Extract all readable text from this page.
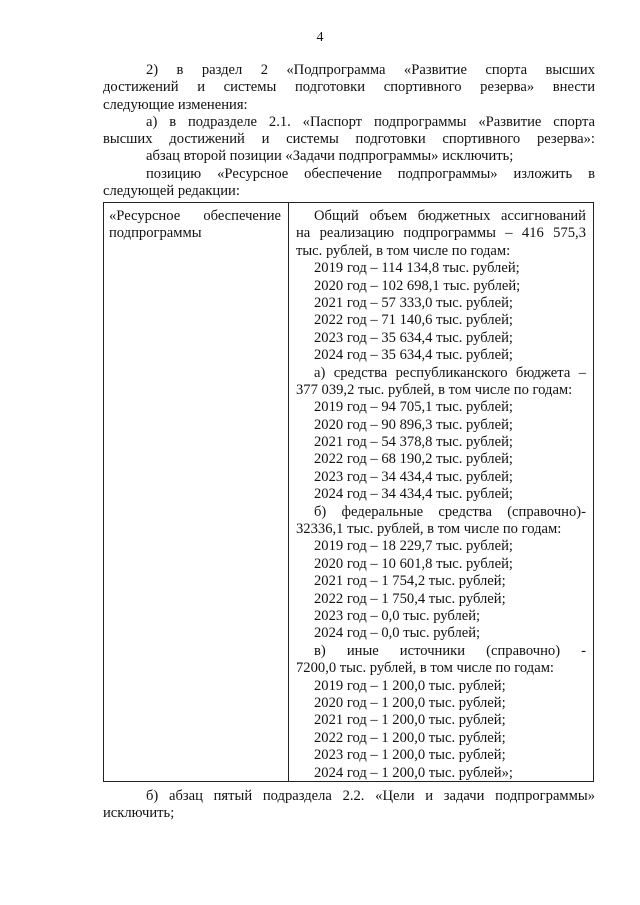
4
2) в раздел 2 «Подпрограмма «Развитие спорта высших
достижений и системы подготовки спортивного резерва» внести
следующие изменения:
а) в подразделе 2.1. «Паспорт подпрограммы «Развитие спорта
высших достижений и системы подготовки спортивного резерва»:
абзац второй позиции «Задачи подпрограммы» исключить;
позицию «Ресурсное обеспечение подпрограммы» изложить в
следующей редакции:
«Ресурсное обеспечение
подпрограммы
Общий объем бюджетных ассигнований
на реализацию подпрограммы – 416 575,3
тыс. рублей, в том числе по годам:
2019 год – 114 134,8 тыс. рублей;
2020 год – 102 698,1 тыс. рублей;
2021 год – 57 333,0 тыс. рублей;
2022 год – 71 140,6 тыс. рублей;
2023 год – 35 634,4 тыс. рублей;
2024 год – 35 634,4 тыс. рублей;
а) средства республиканского бюджета –
377 039,2 тыс. рублей, в том числе по годам:
2019 год – 94 705,1 тыс. рублей;
2020 год – 90 896,3 тыс. рублей;
2021 год – 54 378,8 тыс. рублей;
2022 год – 68 190,2 тыс. рублей;
2023 год – 34 434,4 тыс. рублей;
2024 год – 34 434,4 тыс. рублей;
б) федеральные средства (справочно)-
32336,1 тыс. рублей, в том числе по годам:
2019 год – 18 229,7 тыс. рублей;
2020 год – 10 601,8 тыс. рублей;
2021 год – 1 754,2 тыс. рублей;
2022 год – 1 750,4 тыс. рублей;
2023 год – 0,0 тыс. рублей;
2024 год – 0,0 тыс. рублей;
в) иные источники (справочно) -
7200,0 тыс. рублей, в том числе по годам:
2019 год – 1 200,0 тыс. рублей;
2020 год – 1 200,0 тыс. рублей;
2021 год – 1 200,0 тыс. рублей;
2022 год – 1 200,0 тыс. рублей;
2023 год – 1 200,0 тыс. рублей;
2024 год – 1 200,0 тыс. рублей»;
б) абзац пятый подраздела 2.2. «Цели и задачи подпрограммы»
исключить;
